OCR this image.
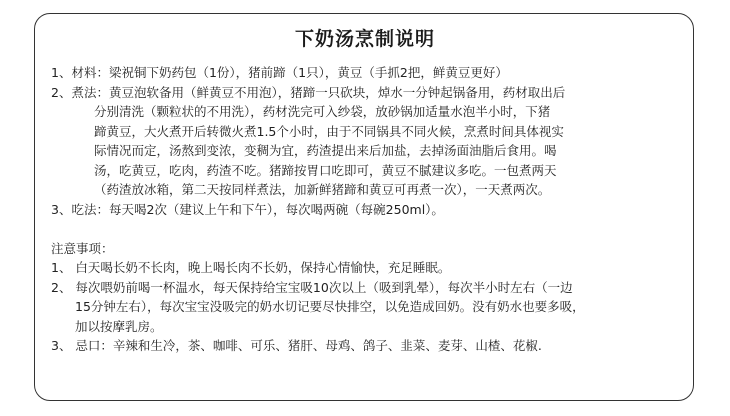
下奶汤烹制说明
1、材料：梁祝铜下奶药包（1份），猪前蹄（1只），黄豆（手抓2把，鲜黄豆更好）
2、煮法：黄豆泡软备用（鲜黄豆不用泡），猪蹄一只砍块，焯水一分钟起锅备用，药材取出后
分别清洗（颗粒状的不用洗），药材洗完可入纱袋，放砂锅加适量水泡半小时，下猪
蹄黄豆，大火煮开后转微火煮1.5个小时，由于不同锅具不同火候，烹煮时间具体视实
际情况而定，汤熬到变浓，变稠为宜，药渣提出来后加盐，去掉汤面油脂后食用。喝
汤，吃黄豆，吃肉，药渣不吃。猪蹄按胃口吃即可，黄豆不腻建议多吃。一包煮两天
（药渣放冰箱，第二天按同样煮法，加新鲜猪蹄和黄豆可再煮一次），一天煮两次。
3、吃法：每天喝2次（建议上午和下午），每次喝两碗（每碗250ml）。
注意事项：
1、 白天喝长奶不长肉，晚上喝长肉不长奶，保持心情愉快，充足睡眠。
2、 每次喂奶前喝一杯温水，每天保持给宝宝吸10次以上（吸到乳晕），每次半小时左右（一边
15分钟左右），每次宝宝没吸完的奶水切记要尽快排空，以免造成回奶。没有奶水也要多吸，
加以按摩乳房。
3、 忌口：辛辣和生冷，茶、咖啡、可乐、猪肝、母鸡、鸽子、韭菜、麦芽、山楂、花椒.
